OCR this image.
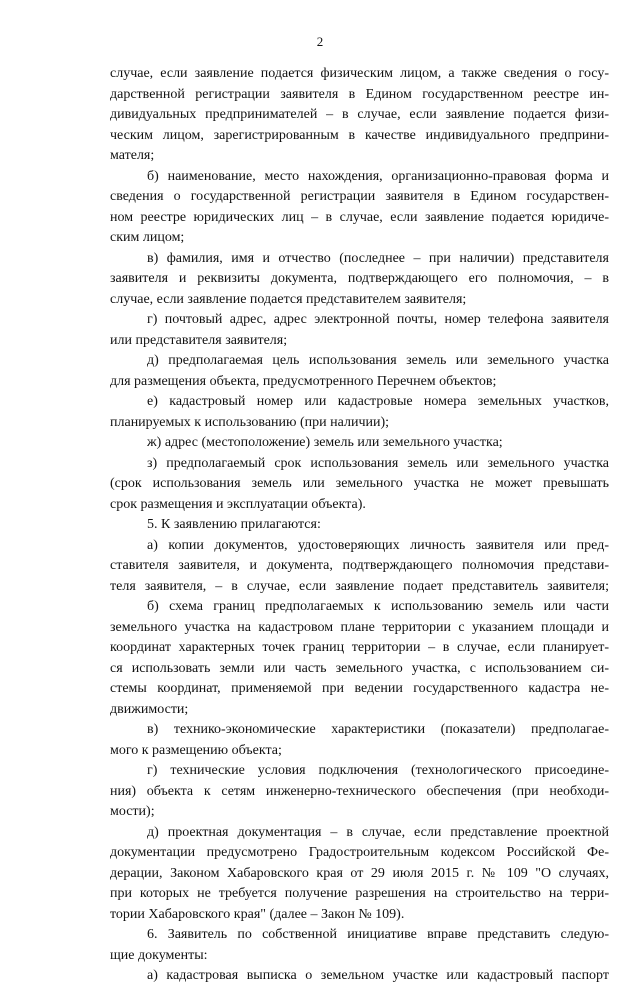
2
случае, если заявление подается физическим лицом, а также сведения о госу-
дарственной регистрации заявителя в Едином государственном реестре ин-
дивидуальных предпринимателей – в случае, если заявление подается физи-
ческим лицом, зарегистрированным в качестве индивидуального предприни-
мателя;
б) наименование, место нахождения, организационно-правовая форма и
сведения о государственной регистрации заявителя в Едином государствен-
ном реестре юридических лиц – в случае, если заявление подается юридиче-
ским лицом;
в) фамилия, имя и отчество (последнее – при наличии) представителя
заявителя и реквизиты документа, подтверждающего его полномочия, – в
случае, если заявление подается представителем заявителя;
г) почтовый адрес, адрес электронной почты, номер телефона заявителя
или представителя заявителя;
д) предполагаемая цель использования земель или земельного участка
для размещения объекта, предусмотренного Перечнем объектов;
е) кадастровый номер или кадастровые номера земельных участков,
планируемых к использованию (при наличии);
ж) адрес (местоположение) земель или земельного участка;
з) предполагаемый срок использования земель или земельного участка
(срок использования земель или земельного участка не может превышать
срок размещения и эксплуатации объекта).
5. К заявлению прилагаются:
а) копии документов, удостоверяющих личность заявителя или пред-
ставителя заявителя, и документа, подтверждающего полномочия представи-
теля заявителя, – в случае, если заявление подает представитель заявителя;
б) схема границ предполагаемых к использованию земель или части
земельного участка на кадастровом плане территории с указанием площади и
координат характерных точек границ территории – в случае, если планирует-
ся использовать земли или часть земельного участка, с использованием си-
стемы координат, применяемой при ведении государственного кадастра не-
движимости;
в) технико-экономические характеристики (показатели) предполагае-
мого к размещению объекта;
г) технические условия подключения (технологического присоедине-
ния) объекта к сетям инженерно-технического обеспечения (при необходи-
мости);
д) проектная документация – в случае, если представление проектной
документации предусмотрено Градостроительным кодексом Российской Фе-
дерации, Законом Хабаровского края от 29 июля 2015 г. № 109 "О случаях,
при которых не требуется получение разрешения на строительство на терри-
тории Хабаровского края" (далее – Закон № 109).
6. Заявитель по собственной инициативе вправе представить следую-
щие документы:
а) кадастровая выписка о земельном участке или кадастровый паспорт
